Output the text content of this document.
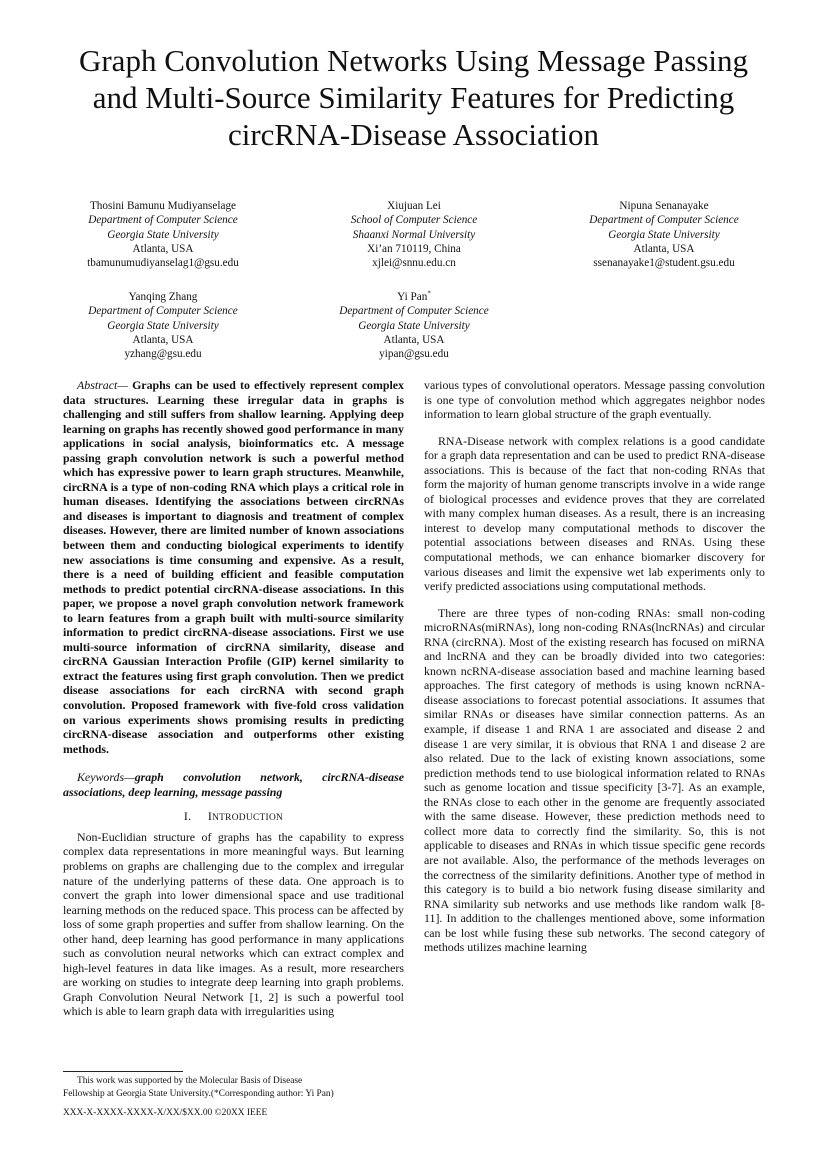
Graph Convolution Networks Using Message Passing and Multi-Source Similarity Features for Predicting circRNA-Disease Association
Thosini Bamunu Mudiyanselage
Department of Computer Science
Georgia State University
Atlanta, USA
tbamunumudiyanselag1@gsu.edu
Xiujuan Lei
School of Computer Science
Shaanxi Normal University
Xi’an 710119, China
xjlei@snnu.edu.cn
Nipuna Senanayake
Department of Computer Science
Georgia State University
Atlanta, USA
ssenanayake1@student.gsu.edu
Yanqing Zhang
Department of Computer Science
Georgia State University
Atlanta, USA
yzhang@gsu.edu
Yi Pan*
Department of Computer Science
Georgia State University
Atlanta, USA
yipan@gsu.edu

Abstract— Graphs can be used to effectively represent complex data structures. Learning these irregular data in graphs is challenging and still suffers from shallow learning. Applying deep learning on graphs has recently showed good performance in many applications in social analysis, bioinformatics etc. A message passing graph convolution network is such a powerful method which has expressive power to learn graph structures. Meanwhile, circRNA is a type of non-coding RNA which plays a critical role in human diseases. Identifying the associations between circRNAs and diseases is important to diagnosis and treatment of complex diseases. However, there are limited number of known associations between them and conducting biological experiments to identify new associations is time consuming and expensive. As a result, there is a need of building efficient and feasible computation methods to predict potential circRNA-disease associations. In this paper, we propose a novel graph convolution network framework to learn features from a graph built with multi-source similarity information to predict circRNA-disease associations. First we use multi-source information of circRNA similarity, disease and circRNA Gaussian Interaction Profile (GIP) kernel similarity to extract the features using first graph convolution. Then we predict disease associations for each circRNA with second graph convolution. Proposed framework with five-fold cross validation on various experiments shows promising results in predicting circRNA-disease association and outperforms other existing methods.

Keywords—graph convolution network, circRNA-disease associations, deep learning, message passing

I. INTRODUCTION

Non-Euclidian structure of graphs has the capability to express complex data representations in more meaningful ways. But learning problems on graphs are challenging due to the complex and irregular nature of the underlying patterns of these data. One approach is to convert the graph into lower dimensional space and use traditional learning methods on the reduced space. This process can be affected by loss of some graph properties and suffer from shallow learning. On the other hand, deep learning has good performance in many applications such as convolution neural networks which can extract complex and high-level features in data like images. As a result, more researchers are working on studies to integrate deep learning into graph problems. Graph Convolution Neural Network [1, 2] is such a powerful tool which is able to learn graph data with irregularities using

various types of convolutional operators. Message passing convolution is one type of convolution method which aggregates neighbor nodes information to learn global structure of the graph eventually.

RNA-Disease network with complex relations is a good candidate for a graph data representation and can be used to predict RNA-disease associations. This is because of the fact that non-coding RNAs that form the majority of human genome transcripts involve in a wide range of biological processes and evidence proves that they are correlated with many complex human diseases. As a result, there is an increasing interest to develop many computational methods to discover the potential associations between diseases and RNAs. Using these computational methods, we can enhance biomarker discovery for various diseases and limit the expensive wet lab experiments only to verify predicted associations using computational methods.

There are three types of non-coding RNAs: small non-coding microRNAs(miRNAs), long non-coding RNAs(lncRNAs) and circular RNA (circRNA). Most of the existing research has focused on miRNA and lncRNA and they can be broadly divided into two categories: known ncRNA-disease association based and machine learning based approaches. The first category of methods is using known ncRNA-disease associations to forecast potential associations. It assumes that similar RNAs or diseases have similar connection patterns. As an example, if disease 1 and RNA 1 are associated and disease 2 and disease 1 are very similar, it is obvious that RNA 1 and disease 2 are also related. Due to the lack of existing known associations, some prediction methods tend to use biological information related to RNAs such as genome location and tissue specificity [3-7]. As an example, the RNAs close to each other in the genome are frequently associated with the same disease. However, these prediction methods need to collect more data to correctly find the similarity. So, this is not applicable to diseases and RNAs in which tissue specific gene records are not available. Also, the performance of the methods leverages on the correctness of the similarity definitions. Another type of method in this category is to build a bio network fusing disease similarity and RNA similarity sub networks and use methods like random walk [8-11]. In addition to the challenges mentioned above, some information can be lost while fusing these sub networks. The second category of methods utilizes machine learning

This work was supported by the Molecular Basis of Disease
Fellowship at Georgia State University.(*Corresponding author: Yi Pan)
XXX-X-XXXX-XXXX-X/XX/$XX.00 ©20XX IEEE
